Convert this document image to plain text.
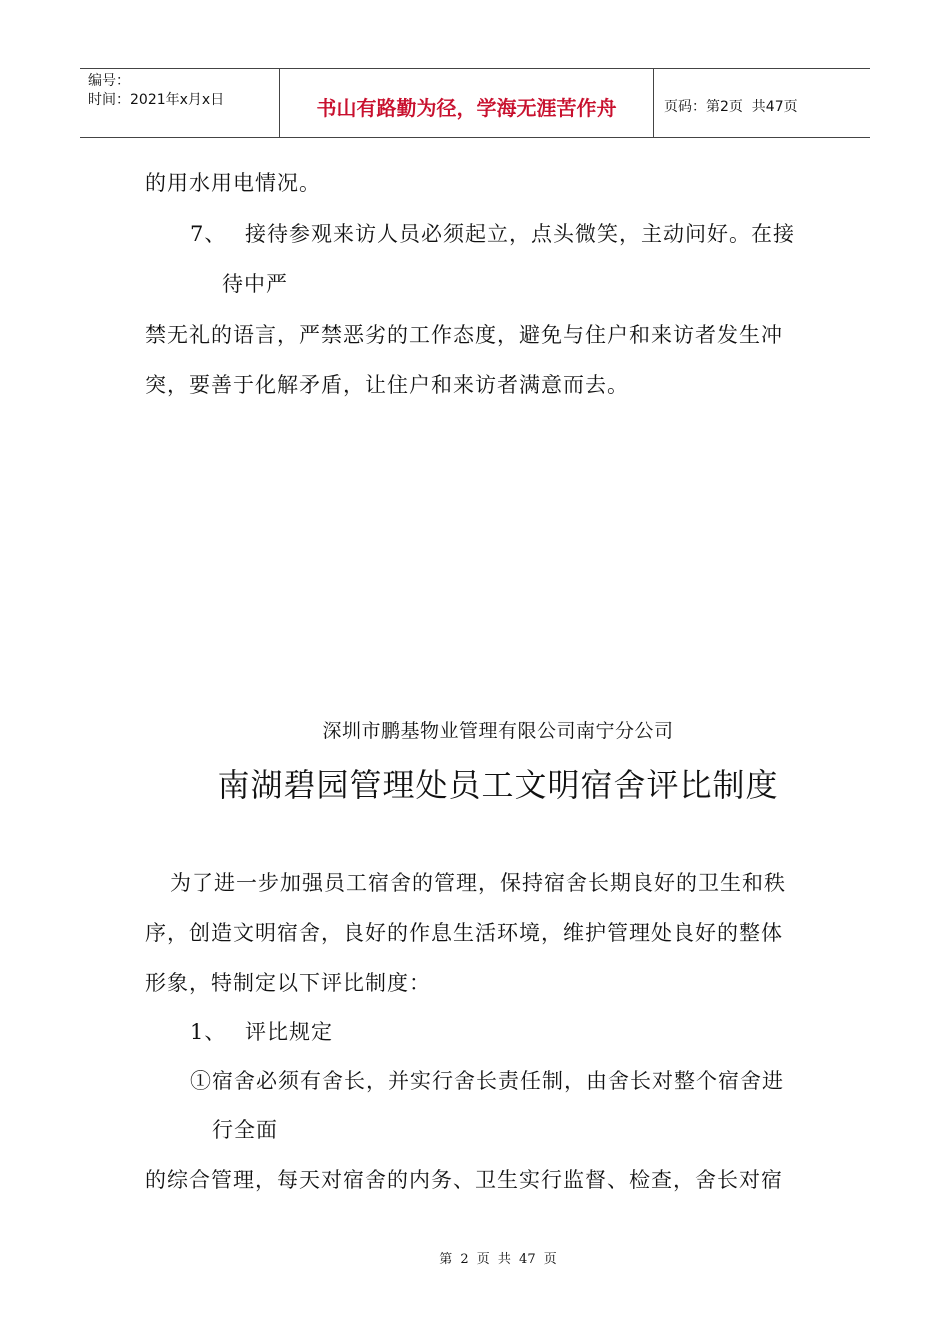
编号：
时间：2021年x月x日	书山有路勤为径，学海无涯苦作舟	页码：第2页  共47页
的用水用电情况。
7、 接待参观来访人员必须起立，点头微笑，主动问好。在接
待中严
禁无礼的语言，严禁恶劣的工作态度，避免与住户和来访者发生冲
突，要善于化解矛盾，让住户和来访者满意而去。
深圳市鹏基物业管理有限公司南宁分公司
南湖碧园管理处员工文明宿舍评比制度
为了进一步加强员工宿舍的管理，保持宿舍长期良好的卫生和秩
序，创造文明宿舍，良好的作息生活环境，维护管理处良好的整体
形象，特制定以下评比制度：
1、 评比规定
①宿舍必须有舍长，并实行舍长责任制，由舍长对整个宿舍进
行全面
的综合管理，每天对宿舍的内务、卫生实行监督、检查，舍长对宿
第 2 页 共 47 页
